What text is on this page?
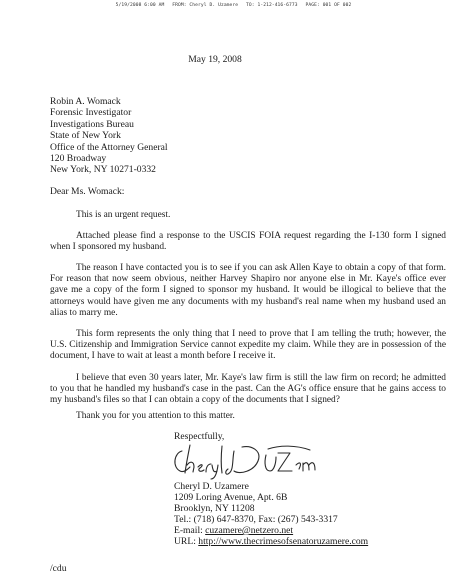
5/19/2008 6:00 AM FROM: Cheryl D. Uzamere TO: 1-212-416-6773 PAGE: 001 OF 002
May 19, 2008
Robin A. Womack
Forensic Investigator
Investigations Bureau
State of New York
Office of the Attorney General
120 Broadway
New York, NY 10271-0332
Dear Ms. Womack:
This is an urgent request.
Attached please find a response to the USCIS FOIA request regarding the I-130 form I signed when I sponsored my husband.
The reason I have contacted you is to see if you can ask Allen Kaye to obtain a copy of that form. For reason that now seem obvious, neither Harvey Shapiro nor anyone else in Mr. Kaye's office ever gave me a copy of the form I signed to sponsor my husband. It would be illogical to believe that the attorneys would have given me any documents with my husband's real name when my husband used an alias to marry me.
This form represents the only thing that I need to prove that I am telling the truth; however, the U.S. Citizenship and Immigration Service cannot expedite my claim. While they are in possession of the document, I have to wait at least a month before I receive it.
I believe that even 30 years later, Mr. Kaye's law firm is still the law firm on record; he admitted to you that he handled my husband's case in the past. Can the AG's office ensure that he gains access to my husband's files so that I can obtain a copy of the documents that I signed?
Thank you for you attention to this matter.
Respectfully,
Cheryl D. Uzamere
1209 Loring Avenue, Apt. 6B
Brooklyn, NY 11208
Tel.: (718) 647-8370, Fax: (267) 543-3317
E-mail: cuzamere@netzero.net
URL: http://www.thecrimesofsenatoruzamere.com
/cdu
